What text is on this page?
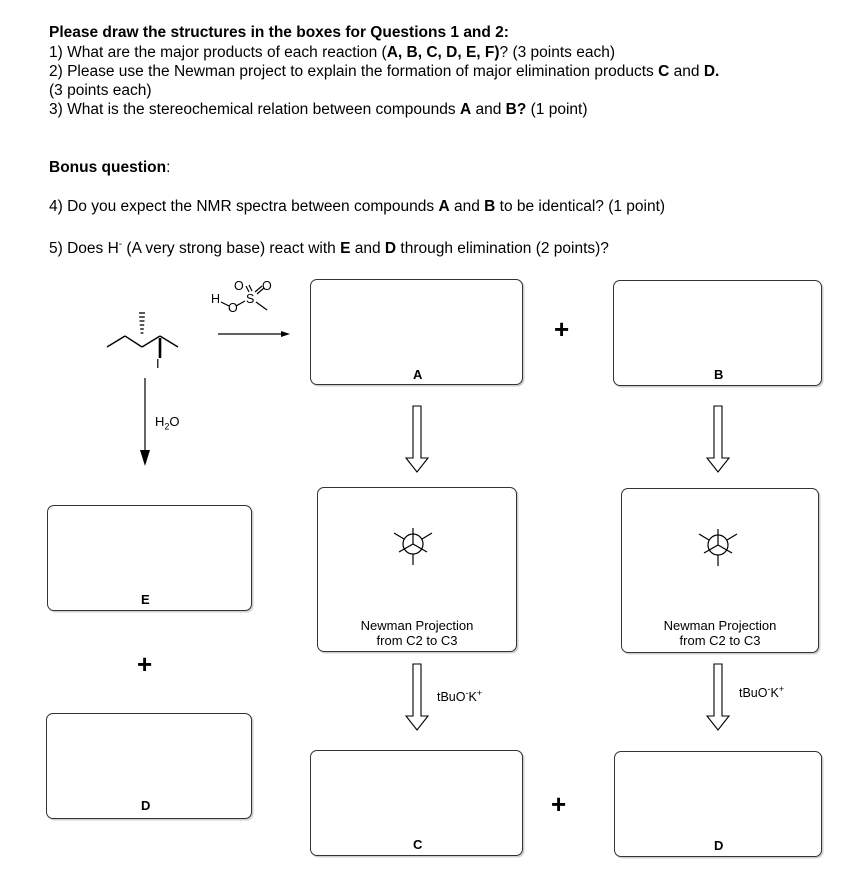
Please draw the structures in the boxes for Questions 1 and 2:
1) What are the major products of each reaction (A, B, C, D, E, F)? (3 points each)
2) Please use the Newman project to explain the formation of major elimination products C and D.
(3 points each)
3) What is the stereochemical relation between compounds A and B? (1 point)
Bonus question:
4) Do you expect the NMR spectra between compounds A and B to be identical? (1 point)
5) Does H- (A very strong base) react with E and D through elimination (2 points)?
I
H
O
S
O O
$H_2O$
A
+
B
Newman Projection
from C2 to C3
Newman Projection
from C2 to C3
tBuO-K+	tBuO-K+
C
+
D
E
+
D
